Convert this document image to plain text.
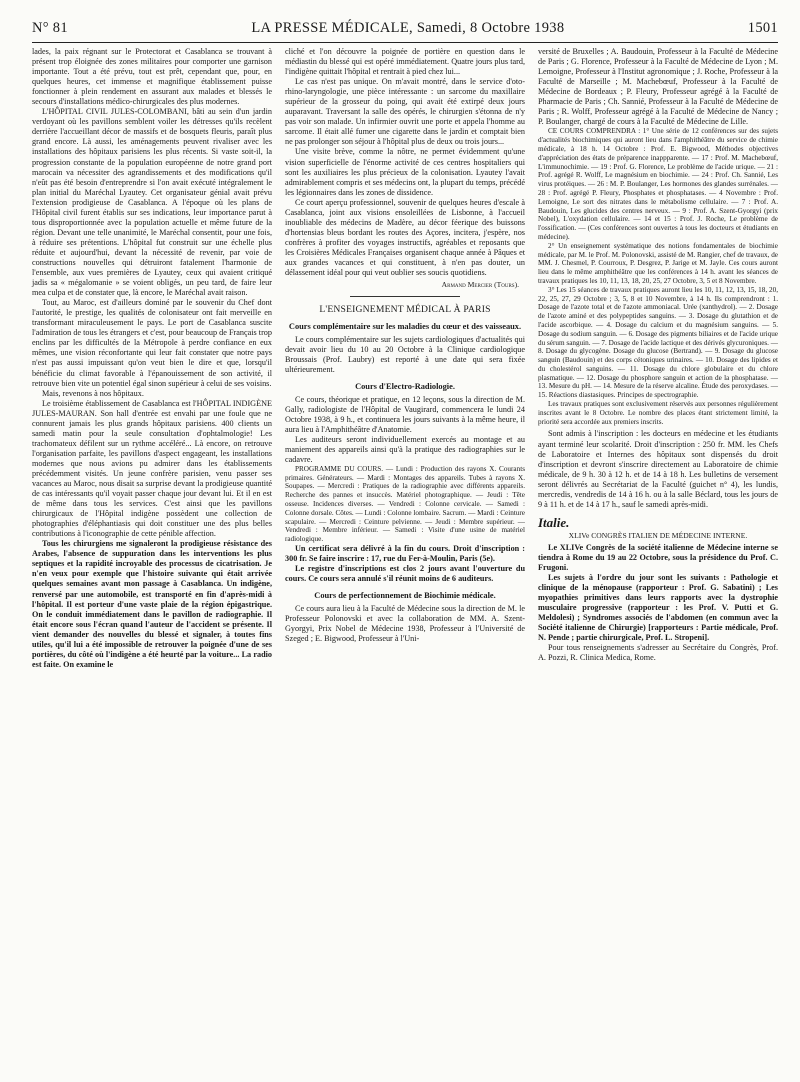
N° 81	LA PRESSE MÉDICALE, Samedi, 8 Octobre 1938	1501

lades, la paix régnant sur le Protectorat et Casablanca se trouvant à présent trop éloignée des zones militaires pour comporter une garnison importante. Tout a été prévu, tout est prêt, cependant que, pour, en quelques heures, cet immense et magnifique établissement puisse fonctionner à plein rendement en assurant aux malades et blessés le secours d'installations médico-chirurgicales des plus modernes.

L'HÔPITAL CIVIL JULES-COLOMBANI, bâti au sein d'un jardin verdoyant où les pavillons semblent voiler les détresses qu'ils recèlent derrière l'accueillant décor de massifs et de bosquets fleuris, paraît plus grand encore. Là aussi, les aménagements peuvent rivaliser avec les installations des hôpitaux parisiens les plus récents. Si vaste soit-il, la progression constante de la population européenne de notre grand port marocain va nécessiter des agrandissements et des modifications qu'il n'eût pas été besoin d'entreprendre si l'on avait exécuté intégralement le plan initial du Maréchal Lyautey. Cet organisateur génial avait prévu l'extension prodigieuse de Casablanca. A l'époque où les plans de l'Hôpital civil furent établis sur ses indications, leur importance parut à tous disproportionnée avec la population actuelle et même future de la région. Devant une telle unanimité, le Maréchal consentit, pour une fois, à réduire ses prétentions. L'hôpital fut construit sur une échelle plus réduite et aujourd'hui, devant la nécessité de revenir, par voie de constructions nouvelles qui détruiront fatalement l'harmonie de l'ensemble, aux vues premières de Lyautey, ceux qui avaient critiqué jadis sa « mégalomanie » se voient obligés, un peu tard, de faire leur mea culpa et de constater que, là encore, le Maréchal avait raison.

Tout, au Maroc, est d'ailleurs dominé par le souvenir du Chef dont l'autorité, le prestige, les qualités de colonisateur ont fait merveille en transformant miraculeusement le pays. Le port de Casablanca suscite l'admiration de tous les étrangers et c'est, pour beaucoup de Français trop enclins par les difficultés de la Métropole à perdre confiance en eux mêmes, une vision réconfortante qui leur fait constater que notre pays n'est pas aussi impuissant qu'on veut bien le dire et que, lorsqu'il bénéficie du climat favorable à l'épanouissement de son activité, il retrouve bien vite un potentiel égal sinon supérieur à celui de ses voisins.

Mais, revenons à nos hôpitaux.

Le troisième établissement de Casablanca est l'HÔPITAL INDIGÈNE JULES-MAURAN. Son hall d'entrée est envahi par une foule que ne connurent jamais les plus grands hôpitaux parisiens. 400 clients un samedi matin pour la seule consultation d'ophtalmologie! Les trachomateux défilent sur un rythme accéléré... Là encore, on retrouve l'organisation parfaite, les pavillons d'aspect engageant, les installations modernes que nous avions pu admirer dans les établissements précédemment visités. Un jeune confrère parisien, venu passer ses vacances au Maroc, nous disait sa surprise devant la prodigieuse quantité de cas intéressants qu'il voyait passer chaque jour devant lui. Et il en est de même dans tous les services. C'est ainsi que les pavillons chirurgicaux de l'Hôpital indigène possèdent une collection de photographies d'éléphantiasis qui doit constituer une des plus belles contributions à l'iconographie de cette pénible affection.

Tous les chirurgiens me signaleront la prodigieuse résistance des Arabes, l'absence de suppuration dans les interventions les plus septiques et la rapidité incroyable des processus de cicatrisation. Je n'en veux pour exemple que l'histoire suivante qui était arrivée quelques semaines avant mon passage à Casablanca. Un indigène, renversé par une automobile, est transporté en fin d'après-midi à l'hôpital. Il est porteur d'une vaste plaie de la région épigastrique. On le conduit immédiatement dans le pavillon de radiographie. Il était encore sous l'écran quand l'auteur de l'accident se présente. Il vient demander des nouvelles du blessé et signaler, à toutes fins utiles, qu'il lui a été impossible de retrouver la poignée d'une de ses portières, du côté où l'indigène a été heurté par la voiture... La radio est faite. On examine le

cliché et l'on découvre la poignée de portière en question dans le médiastin du blessé qui est opéré immédiatement. Quatre jours plus tard, l'indigène quittait l'hôpital et rentrait à pied chez lui...

Le cas n'est pas unique. On m'avait montré, dans le service d'oto-rhino-laryngologie, une pièce intéressante : un sarcome du maxillaire supérieur de la grosseur du poing, qui avait été extirpé deux jours auparavant. Traversant la salle des opérés, le chirurgien s'étonna de n'y pas voir son malade. Un infirmier ouvrit une porte et appela l'homme au sarcome. Il était allé fumer une cigarette dans le jardin et comptait bien ne pas prolonger son séjour à l'hôpital plus de deux ou trois jours...

Une visite brève, comme la nôtre, ne permet évidemment qu'une vision superficielle de l'énorme activité de ces centres hospitaliers qui sont les auxiliaires les plus précieux de la colonisation. Lyautey l'avait admirablement compris et ses médecins ont, la plupart du temps, précédé les légionnaires dans les zones de dissidence.

Ce court aperçu professionnel, souvenir de quelques heures d'escale à Casablanca, joint aux visions ensoleillées de Lisbonne, à l'accueil inoubliable des médecins de Madère, au décor féerique des buissons d'hortensias bleus bordant les routes des Açores, incitera, j'espère, nos confrères à profiter des voyages instructifs, agréables et reposants que les Croisières Médicales Françaises organisent chaque année à Pâques et aux grandes vacances et qui constituent, à n'en pas douter, un délassement idéal pour qui veut oublier ses soucis quotidiens.

Armand Mercier (Tours).
L'ENSEIGNEMENT MÉDICAL À PARIS
Cours complémentaire sur les maladies du cœur et des vaisseaux.

Le cours complémentaire sur les sujets cardiologiques d'actualités qui devait avoir lieu du 10 au 20 Octobre à la Clinique cardiologique Broussais (Prof. Laubry) est reporté à une date qui sera fixée ultérieurement.

Cours d'Electro-Radiologie.

Ce cours, théorique et pratique, en 12 leçons, sous la direction de M. Gally, radiologiste de l'Hôpital de Vaugirard, commencera le lundi 24 Octobre 1938, à 9 h., et continuera les jours suivants à la même heure, il aura lieu à l'Amphithéâtre d'Anatomie.

Les auditeurs seront individuellement exercés au montage et au maniement des appareils ainsi qu'à la pratique des radiographies sur le cadavre.

PROGRAMME DU COURS. — Lundi : Production des rayons X. Courants primaires. Générateurs. — Mardi : Montages des appareils. Tubes à rayons X. Soupapes. — Mercredi : Pratiques de la radiographie avec différents appareils. Recherche des pannes et insuccès. Matériel photographique. — Jeudi : Tête osseuse. Incidences diverses. — Vendredi : Colonne cervicale. — Samedi : Colonne dorsale. Côtes. — Lundi : Colonne lombaire. Sacrum. — Mardi : Ceinture scapulaire. — Mercredi : Ceinture pelvienne. — Jeudi : Membre supérieur. — Vendredi : Membre inférieur. — Samedi : Visite d'une usine de matériel radiologique.

Un certificat sera délivré à la fin du cours. Droit d'inscription : 300 fr. Se faire inscrire : 17, rue du Fer-à-Moulin, Paris (5e).

Le registre d'inscriptions est clos 2 jours avant l'ouverture du cours. Ce cours sera annulé s'il réunit moins de 6 auditeurs.

Cours de perfectionnement de Biochimie médicale.

Ce cours aura lieu à la Faculté de Médecine sous la direction de M. le Professeur Polonovski et avec la collaboration de MM. A. Szent-Gyorgyi, Prix Nobel de Médecine 1938, Professeur à l'Université de Szeged ; E. Bigwood, Professeur à l'Uni-

versité de Bruxelles ; A. Baudouin, Professeur à la Faculté de Médecine de Paris ; G. Florence, Professeur à la Faculté de Médecine de Lyon ; M. Lemoigne, Professeur à l'Institut agronomique ; J. Roche, Professeur à la Faculté de Marseille ; M. Machebœuf, Professeur à la Faculté de Médecine de Bordeaux ; P. Fleury, Professeur agrégé à la Faculté de Pharmacie de Paris ; Ch. Sannié, Professeur à la Faculté de Médecine de Paris ; R. Wolff, Professeur agrégé à la Faculté de Médecine de Nancy ; P. Boulanger, chargé de cours à la Faculté de Médecine de Lille.

CE COURS COMPRENDRA : 1° Une série de 12 conférences sur des sujets d'actualités biochimiques qui auront lieu dans l'amphithéâtre du service de chimie médicale, à 18 h. 14 Octobre : Prof. E. Bigwood, Méthodes objectives d'appréciation des états de préparence inappparente. — 17 : Prof. M. Machebœuf, L'immunochimie. — 19 : Prof. G. Florence, Le problème de l'acide urique. — 21 : Prof. agrégé R. Wolff, Le magnésium en biochimie. — 24 : Prof. Ch. Sannié, Les virus protéiques. — 26 : M. P. Boulanger, Les hormones des glandes surrénales. — 28 : Prof. agrégé P. Fleury, Phosphates et phosphatases. — 4 Novembre : Prof. Lemoigne, Le sort des nitrates dans le métabolisme cellulaire. — 7 : Prof. A. Baudouin, Les glucides des centres nerveux. — 9 : Prof. A. Szent-Gyorgyi (prix Nobel), L'oxydation cellulaire. — 14 et 15 : Prof. J. Roche, Le problème de l'ossification. — (Ces conférences sont ouvertes à tous les docteurs et étudiants en médecine).

2° Un enseignement systématique des notions fondamentales de biochimie médicale, par M. le Prof. M. Polonovski, assisté de M. Rangier, chef de travaux, de MM. J. Chesmel, P. Courroux, P. Desgrez, P. Jarige et M. Jayle. Ces cours auront lieu dans le même amphithéâtre que les conférences à 14 h. avant les séances de travaux pratiques les 10, 11, 13, 18, 20, 25, 27 Octobre, 3, 5 et 8 Novembre.

3° Les 15 séances de travaux pratiques auront lieu les 10, 11, 12, 13, 15, 18, 20, 22, 25, 27, 29 Octobre ; 3, 5, 8 et 10 Novembre, à 14 h. Ils comprendront : 1. Dosage de l'azote total et de l'azote ammoniacal. Urée (xanthydrol). — 2. Dosage de l'azote aminé et des polypeptides sanguins. — 3. Dosage du glutathion et de l'acide ascorbique. — 4. Dosage du calcium et du magnésium sanguins. — 5. Dosage du sodium sanguin. — 6. Dosage des pigments biliaires et de l'acide urique du sérum sanguin. — 7. Dosage de l'acide lactique et des dérivés glycuroniques. — 8. Dosage du glycogène. Dosage du glucose (Bertrand). — 9. Dosage du glucose sanguin (Baudouin) et des corps cétoniques urinaires. — 10. Dosage des lipides et du cholestérol sanguins. — 11. Dosage du chlore globulaire et du chlore plasmatique. — 12. Dosage du phosphore sanguin et action de la phosphatase. — 13. Mesure du pH. — 14. Mesure de la réserve alcaline. Étude des peroxydases. — 15. Réactions diastasiques. Principes de spectrographie.

Les travaux pratiques sont exclusivement réservés aux personnes régulièrement inscrites avant le 8 Octobre. Le nombre des places étant strictement limité, la priorité sera accordée aux premiers inscrits.

Sont admis à l'inscription : les docteurs en médecine et les étudiants ayant terminé leur scolarité. Droit d'inscription : 250 fr. MM. les Chefs de Laboratoire et Internes des hôpitaux sont dispensés du droit d'inscription et devront s'inscrire directement au Laboratoire de chimie médicale, de 9 h. 30 à 12 h. et de 14 à 18 h. Les bulletins de versement seront délivrés au Secrétariat de la Faculté (guichet n° 4), les lundis, mercredis, vendredis de 14 à 16 h. ou à la salle Béclard, tous les jours de 9 à 11 h. et de 14 à 17 h., sauf le samedi après-midi.

Italie.
XLIVe CONGRÈS ITALIEN DE MÉDECINE INTERNE.

Le XLIVe Congrès de la société italienne de Médecine interne se tiendra à Rome du 19 au 22 Octobre, sous la présidence du Prof. C. Frugoni.

Les sujets à l'ordre du jour sont les suivants : Pathologie et clinique de la ménopause (rapporteur : Prof. G. Sabatini) ; Les myopathies primitives dans leurs rapports avec la dystrophie musculaire progressive (rapporteur : les Prof. V. Putti et G. Meldolesi) ; Syndromes associés de l'abdomen (en commun avec la Société italienne de Chirurgie) [rapporteurs : Partie médicale, Prof. N. Pende ; partie chirurgicale, Prof. L. Stropeni].

Pour tous renseignements s'adresser au Secrétaire du Congrès, Prof. A. Pozzi, R. Clinica Medica, Rome.
